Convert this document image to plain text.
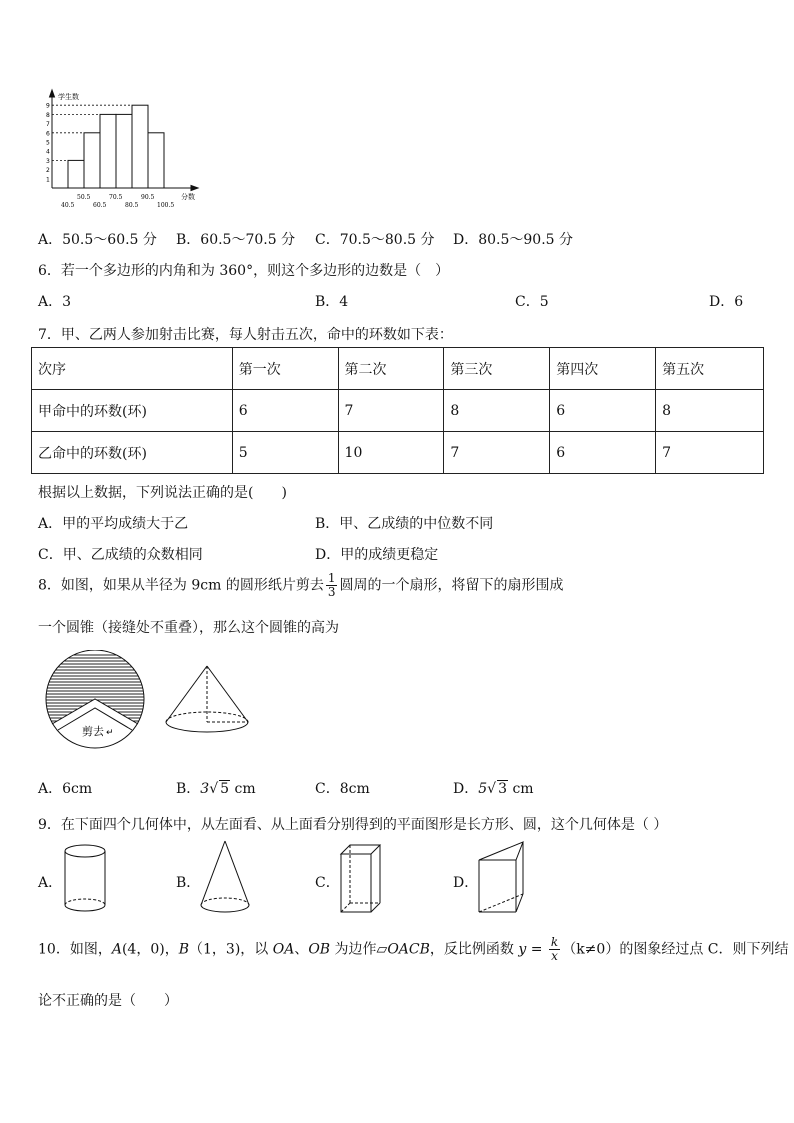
1
2
3
4
5
6
7
8
9
40.5	60.5	80.5	100.5
50.5	70.5	90.5
学生数
分数
A．50.5～60.5 分 B．60.5～70.5 分 C．70.5～80.5 分 D．80.5～90.5 分
6．若一个多边形的内角和为 360°，则这个多边形的边数是（　）
A．3	B．4	C．5	D．6
7．甲、乙两人参加射击比赛，每人射击五次，命中的环数如下表：
次序	第一次	第二次	第三次	第四次	第五次
甲命中的环数(环)	6	7	8	6	8
乙命中的环数(环)	5	10	7	6	7
根据以上数据，下列说法正确的是(　　)
A．甲的平均成绩大于乙	B．甲、乙成绩的中位数不同
C．甲、乙成绩的众数相同	D．甲的成绩更稳定
8．如图，如果从半径为 9cm 的圆形纸片剪去 $\frac{1}{3}$ 圆周的一个扇形，将留下的扇形围成
一个圆锥（接缝处不重叠），那么这个圆锥的高为
剪去 ↵
A．6cm	B．3√ 5 cm	C．8cm	D．5√ 3 cm
9．在下面四个几何体中，从左面看、从上面看分别得到的平面图形是长方形、圆，这个几何体是（ ）
A．	B．	C．	D．
10．如图，A(4，0)，B（1，3)，以 OA、OB 为边作▱OACB，反比例函数 $y = \frac{k}{x} (k\ne 0)$的图象经过点 C．则下列结
论不正确的是（　　）
